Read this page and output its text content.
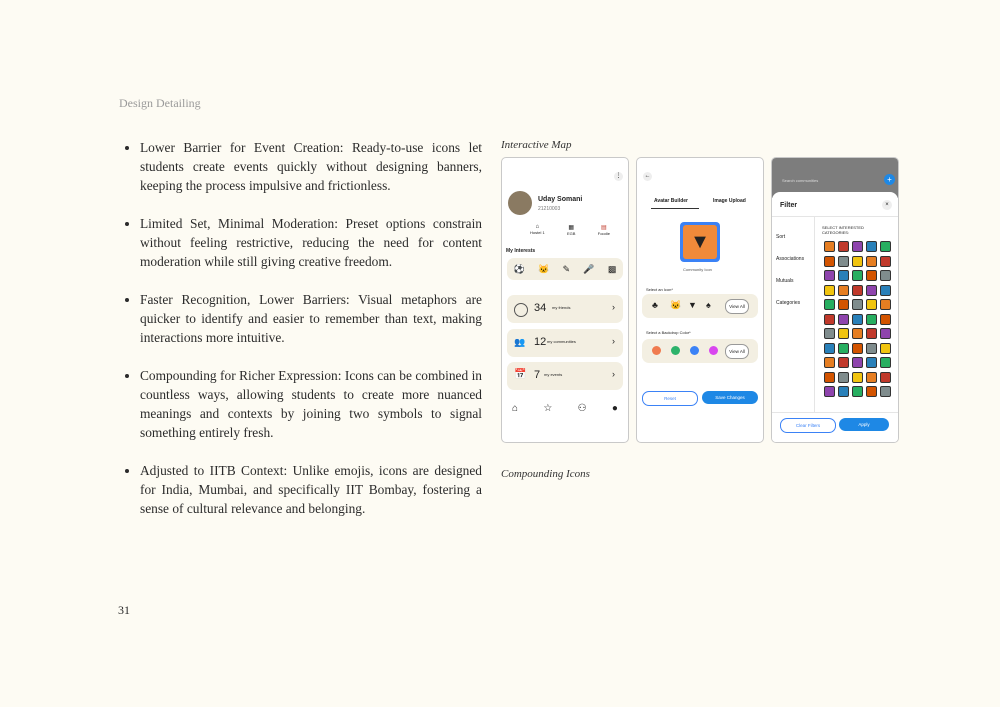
Design Detailing
• Lower Barrier for Event Creation: Ready-to-use icons let students create events quickly without designing banners, keeping the process impulsive and frictionless.
• Limited Set, Minimal Moderation: Preset options constrain without feeling restrictive, reducing the need for content moderation while still giving creative freedom.
• Faster Recognition, Lower Barriers: Visual metaphors are quicker to identify and easier to remember than text, making interactions more intuitive.
• Compounding for Richer Expression: Icons can be combined in countless ways, allowing students to create more nuanced meanings and contexts by joining two symbols to signal something entirely fresh.
• Adjusted to IITB Context: Unlike emojis, icons are designed for India, Mumbai, and specifically IIT Bombay, fostering a sense of cultural relevance and belonging.
31
Interactive Map
Compounding Icons
⋮
Uday Somani
21210003
⌂
Hostel 1
▦
EGB
▤
Foodie
My Interests
⚽ 🐱 ✎ 🎤 ▩
34 my friends	›
👥 12 my communities	›
📅 7 my events	›
⌂	☆	⚇	●
←
Avatar Builder	Image Upload
▼
Community Icon
Select an Icon*
♣ 🐱 ▼ ♠	View All
Select a Backdrop Color*
View All
Reset	Save Changes
Search communities	+
Filter	×
Sort
Associations
Mutuals
Categories
SELECT INTERESTED CATEGORIES:
Clear Filters	Apply
